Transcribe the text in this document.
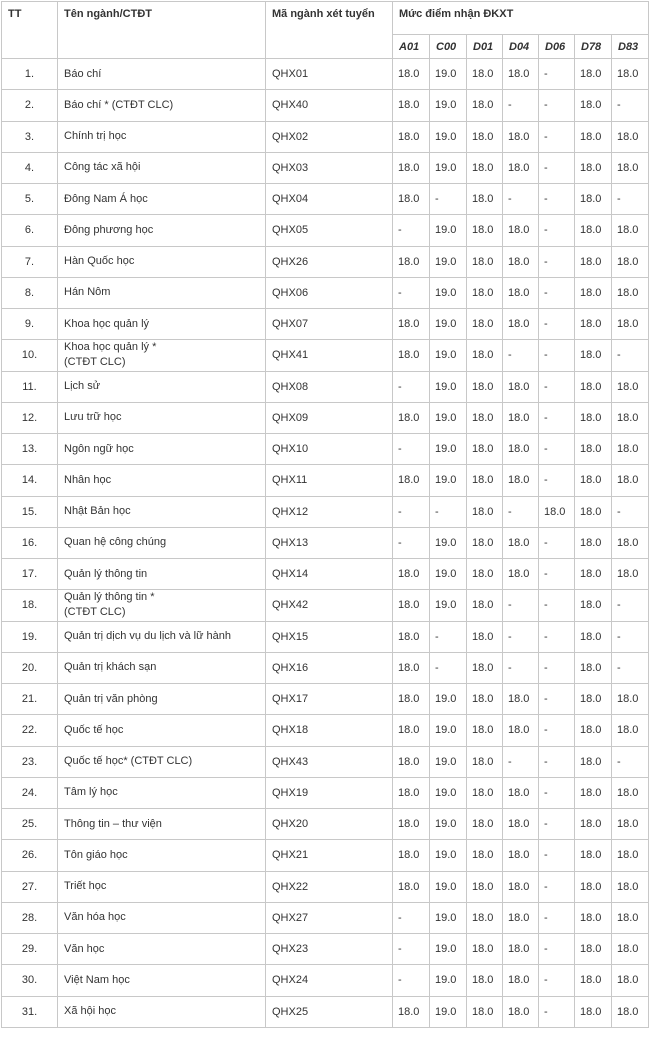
TT	Tên ngành/CTĐT	Mã ngành xét tuyển	Mức điểm nhận ĐKXT						
			A01	C00	D01	D04	D06	D78	D83
1.	Báo chí	QHX01	18.0	19.0	18.0	18.0	-	18.0	18.0
2.	Báo chí * (CTĐT CLC)	QHX40	18.0	19.0	18.0	-	-	18.0	-
3.	Chính trị học	QHX02	18.0	19.0	18.0	18.0	-	18.0	18.0
4.	Công tác xã hội	QHX03	18.0	19.0	18.0	18.0	-	18.0	18.0
5.	Đông Nam Á học	QHX04	18.0	-	18.0	-	-	18.0	-
6.	Đông phương học	QHX05	-	19.0	18.0	18.0	-	18.0	18.0
7.	Hàn Quốc học	QHX26	18.0	19.0	18.0	18.0	-	18.0	18.0
8.	Hán Nôm	QHX06	-	19.0	18.0	18.0	-	18.0	18.0
9.	Khoa học quản lý	QHX07	18.0	19.0	18.0	18.0	-	18.0	18.0
10.	Khoa học quản lý *
(CTĐT CLC)	QHX41	18.0	19.0	18.0	-	-	18.0	-
11.	Lịch sử	QHX08	-	19.0	18.0	18.0	-	18.0	18.0
12.	Lưu trữ học	QHX09	18.0	19.0	18.0	18.0	-	18.0	18.0
13.	Ngôn ngữ học	QHX10	-	19.0	18.0	18.0	-	18.0	18.0
14.	Nhân học	QHX11	18.0	19.0	18.0	18.0	-	18.0	18.0
15.	Nhật Bản học	QHX12	-	-	18.0	-	18.0	18.0	-
16.	Quan hệ công chúng	QHX13	-	19.0	18.0	18.0	-	18.0	18.0
17.	Quản lý thông tin	QHX14	18.0	19.0	18.0	18.0	-	18.0	18.0
18.	Quản lý thông tin *
(CTĐT CLC)	QHX42	18.0	19.0	18.0	-	-	18.0	-
19.	Quản trị dịch vụ du lịch và lữ hành	QHX15	18.0	-	18.0	-	-	18.0	-
20.	Quản trị khách sạn	QHX16	18.0	-	18.0	-	-	18.0	-
21.	Quản trị văn phòng	QHX17	18.0	19.0	18.0	18.0	-	18.0	18.0
22.	Quốc tế học	QHX18	18.0	19.0	18.0	18.0	-	18.0	18.0
23.	Quốc tế học* (CTĐT CLC)	QHX43	18.0	19.0	18.0	-	-	18.0	-
24.	Tâm lý học	QHX19	18.0	19.0	18.0	18.0	-	18.0	18.0
25.	Thông tin – thư viện	QHX20	18.0	19.0	18.0	18.0	-	18.0	18.0
26.	Tôn giáo học	QHX21	18.0	19.0	18.0	18.0	-	18.0	18.0
27.	Triết học	QHX22	18.0	19.0	18.0	18.0	-	18.0	18.0
28.	Văn hóa học	QHX27	-	19.0	18.0	18.0	-	18.0	18.0
29.	Văn học	QHX23	-	19.0	18.0	18.0	-	18.0	18.0
30.	Việt Nam học	QHX24	-	19.0	18.0	18.0	-	18.0	18.0
31.	Xã hội học	QHX25	18.0	19.0	18.0	18.0	-	18.0	18.0
